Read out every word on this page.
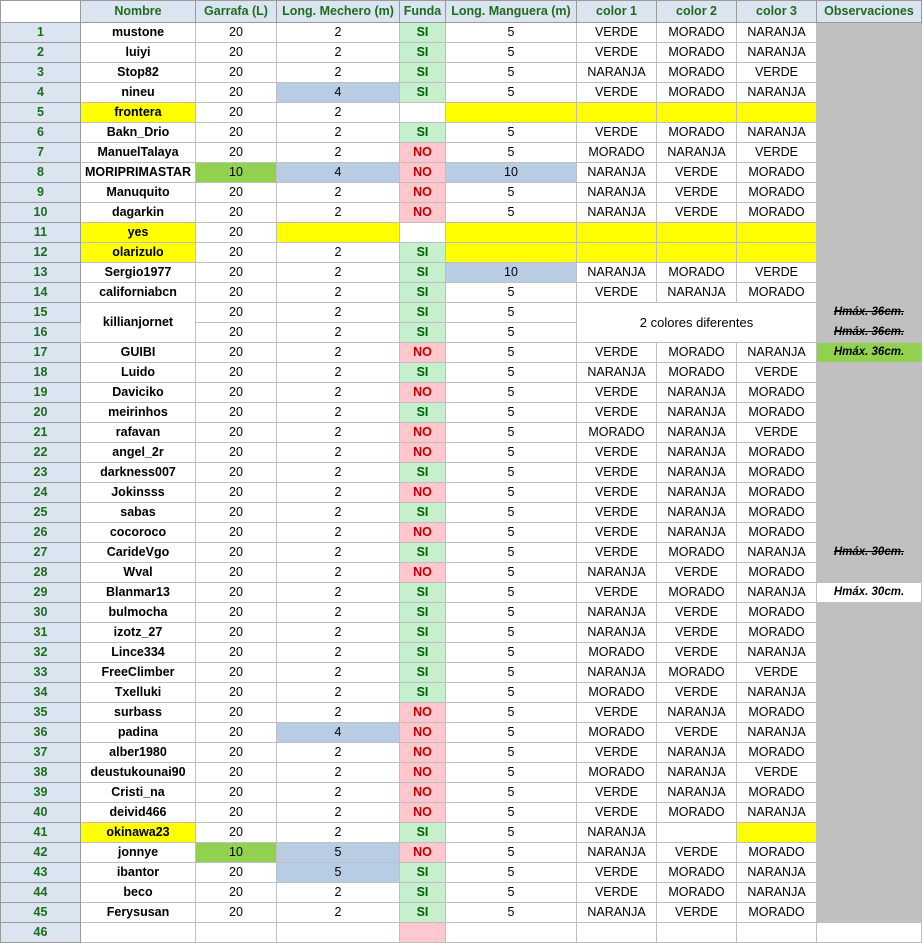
	Nombre	Garrafa (L)	Long. Mechero (m)	Funda	Long. Manguera (m)	color 1	color 2	color 3	Observaciones
1	mustone	20	2	SI	5	VERDE	MORADO	NARANJA	
2	luiyi	20	2	SI	5	VERDE	MORADO	NARANJA	
3	Stop82	20	2	SI	5	NARANJA	MORADO	VERDE	
4	nineu	20	4	SI	5	VERDE	MORADO	NARANJA	
5	frontera	20	2						
6	Bakn_Drio	20	2	SI	5	VERDE	MORADO	NARANJA	
7	ManuelTalaya	20	2	NO	5	MORADO	NARANJA	VERDE	
8	MORIPRIMASTAR	10	4	NO	10	NARANJA	VERDE	MORADO	
9	Manuquito	20	2	NO	5	NARANJA	VERDE	MORADO	
10	dagarkin	20	2	NO	5	NARANJA	VERDE	MORADO	
11	yes	20							
12	olarizulo	20	2	SI					
13	Sergio1977	20	2	SI	10	NARANJA	MORADO	VERDE	
14	californiabcn	20	2	SI	5	VERDE	NARANJA	MORADO	
15	killianjornet	20	2	SI	5	2 colores diferentes			Hmáx. 36cm.
16		20	2	SI	5				Hmáx. 36cm.
17	GUIBI	20	2	NO	5	VERDE	MORADO	NARANJA	Hmáx. 36cm.
18	Luido	20	2	SI	5	NARANJA	MORADO	VERDE	
19	Daviciko	20	2	NO	5	VERDE	NARANJA	MORADO	
20	meirinhos	20	2	SI	5	VERDE	NARANJA	MORADO	
21	rafavan	20	2	NO	5	MORADO	NARANJA	VERDE	
22	angel_2r	20	2	NO	5	VERDE	NARANJA	MORADO	
23	darkness007	20	2	SI	5	VERDE	NARANJA	MORADO	
24	Jokinsss	20	2	NO	5	VERDE	NARANJA	MORADO	
25	sabas	20	2	SI	5	VERDE	NARANJA	MORADO	
26	cocoroco	20	2	NO	5	VERDE	NARANJA	MORADO	
27	CarideVgo	20	2	SI	5	VERDE	MORADO	NARANJA	Hmáx. 30cm.
28	Wval	20	2	NO	5	NARANJA	VERDE	MORADO	
29	Blanmar13	20	2	SI	5	VERDE	MORADO	NARANJA	Hmáx. 30cm.
30	bulmocha	20	2	SI	5	NARANJA	VERDE	MORADO	
31	izotz_27	20	2	SI	5	NARANJA	VERDE	MORADO	
32	Lince334	20	2	SI	5	MORADO	VERDE	NARANJA	
33	FreeClimber	20	2	SI	5	NARANJA	MORADO	VERDE	
34	Txelluki	20	2	SI	5	MORADO	VERDE	NARANJA	
35	surbass	20	2	NO	5	VERDE	NARANJA	MORADO	
36	padina	20	4	NO	5	MORADO	VERDE	NARANJA	
37	alber1980	20	2	NO	5	VERDE	NARANJA	MORADO	
38	deustukounai90	20	2	NO	5	MORADO	NARANJA	VERDE	
39	Cristi_na	20	2	NO	5	VERDE	NARANJA	MORADO	
40	deivid466	20	2	NO	5	VERDE	MORADO	NARANJA	
41	okinawa23	20	2	SI	5	NARANJA			
42	jonnye	10	5	NO	5	NARANJA	VERDE	MORADO	
43	ibantor	20	5	SI	5	VERDE	MORADO	NARANJA	
44	beco	20	2	SI	5	VERDE	MORADO	NARANJA	
45	Ferysusan	20	2	SI	5	NARANJA	VERDE	MORADO	
46									
